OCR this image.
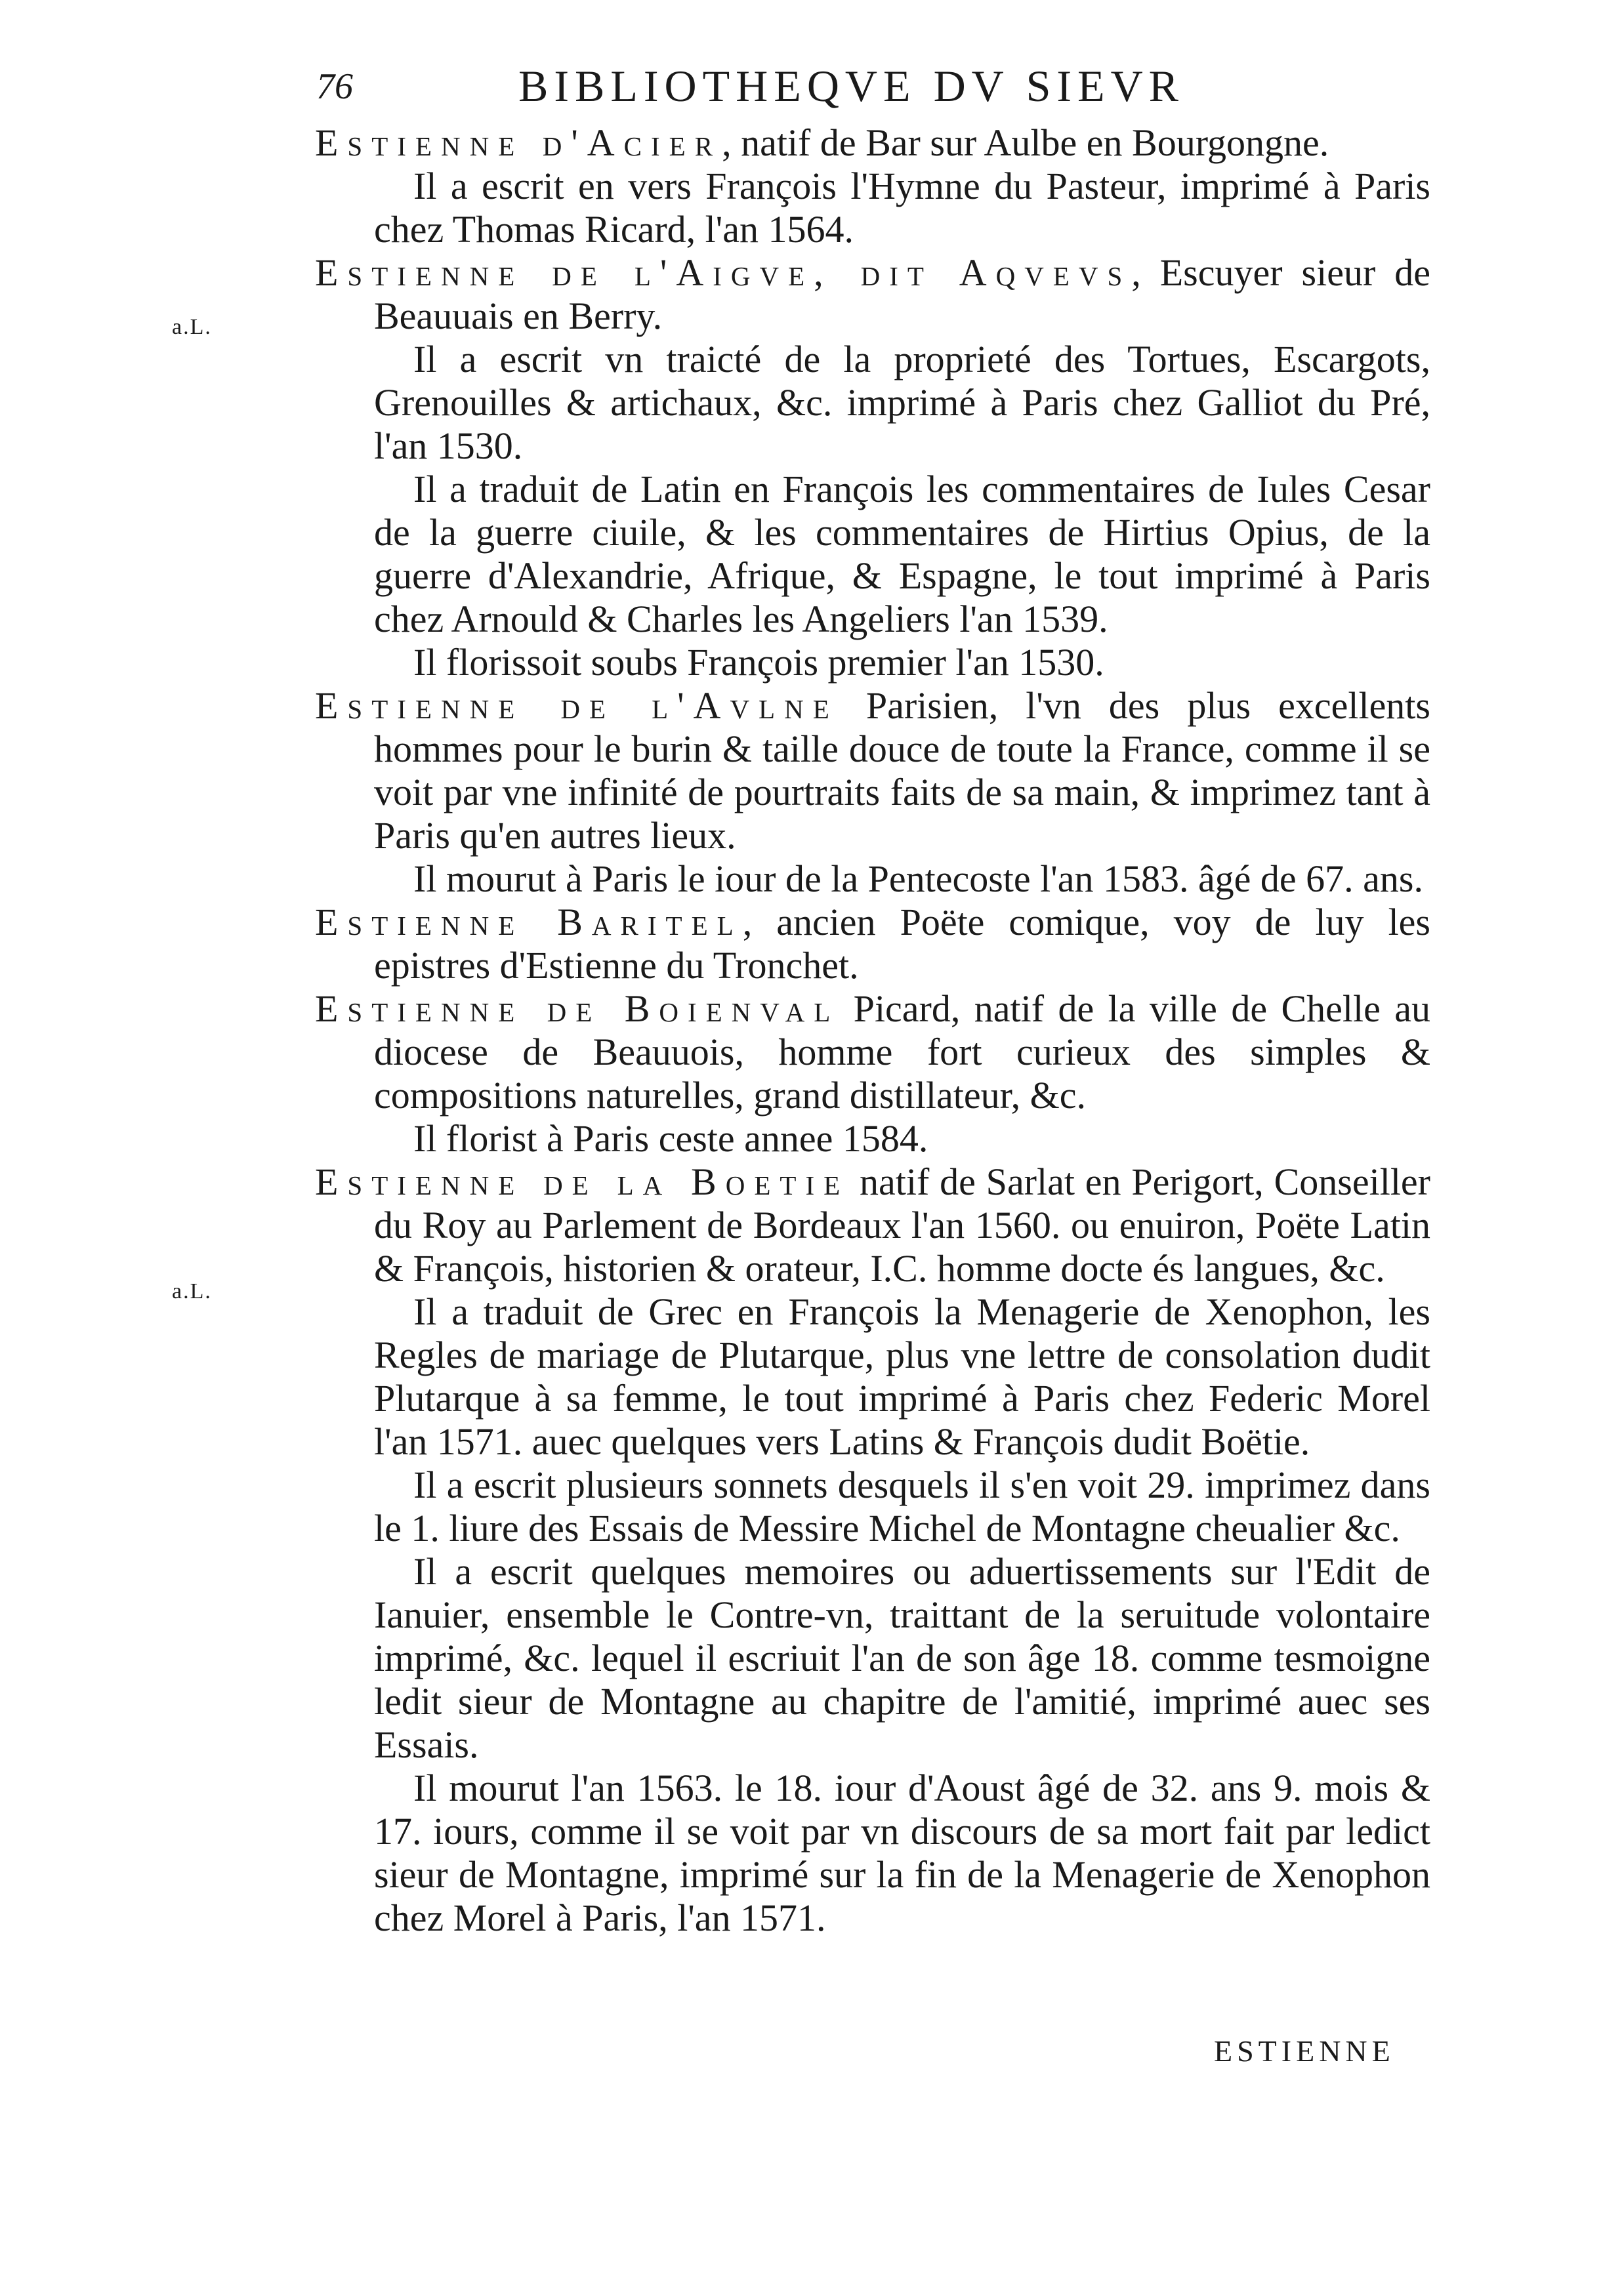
76	BIBLIOTHEQVE DV SIEVR
a.L.
a.L.

Estienne d'Acier, natif de Bar sur Aulbe en Bourgongne.

Il a escrit en vers François l'Hymne du Pasteur, imprimé à Paris chez Thomas Ricard, l'an 1564.

Estienne de l'Aigve, dit Aqvevs, Escuyer sieur de Beauuais en Berry.

Il a escrit vn traicté de la proprieté des Tortues, Escargots, Grenouilles & artichaux, &c. imprimé à Paris chez Galliot du Pré, l'an 1530.

Il a traduit de Latin en François les commentaires de Iules Cesar de la guerre ciuile, & les commentaires de Hirtius Opius, de la guerre d'Alexandrie, Afrique, & Espagne, le tout imprimé à Paris chez Arnould & Charles les Angeliers l'an 1539.

Il florissoit soubs François premier l'an 1530.

Estienne de l'Avlne Parisien, l'vn des plus excellents hommes pour le burin & taille douce de toute la France, comme il se voit par vne infinité de pourtraits faits de sa main, & imprimez tant à Paris qu'en autres lieux.

Il mourut à Paris le iour de la Pentecoste l'an 1583. âgé de 67. ans.

Estienne Baritel, ancien Poëte comique, voy de luy les epistres d'Estienne du Tronchet.

Estienne de Boienval Picard, natif de la ville de Chelle au diocese de Beauuois, homme fort curieux des simples & compositions naturelles, grand distillateur, &c.

Il florist à Paris ceste annee 1584.

Estienne de la Boetie natif de Sarlat en Perigort, Conseiller du Roy au Parlement de Bordeaux l'an 1560. ou enuiron, Poëte Latin & François, historien & orateur, I.C. homme docte és langues, &c.

Il a traduit de Grec en François la Menagerie de Xenophon, les Regles de mariage de Plutarque, plus vne lettre de consolation dudit Plutarque à sa femme, le tout imprimé à Paris chez Federic Morel l'an 1571. auec quelques vers Latins & François dudit Boëtie.

Il a escrit plusieurs sonnets desquels il s'en voit 29. imprimez dans le 1. liure des Essais de Messire Michel de Montagne cheualier &c.

Il a escrit quelques memoires ou aduertissements sur l'Edit de Ianuier, ensemble le Contre-vn, traittant de la seruitude volontaire imprimé, &c. lequel il escriuit l'an de son âge 18. comme tesmoigne ledit sieur de Montagne au chapitre de l'amitié, imprimé auec ses Essais.

Il mourut l'an 1563. le 18. iour d'Aoust âgé de 32. ans 9. mois & 17. iours, comme il se voit par vn discours de sa mort fait par ledict sieur de Montagne, imprimé sur la fin de la Menagerie de Xenophon chez Morel à Paris, l'an 1571.

ESTIENNE
